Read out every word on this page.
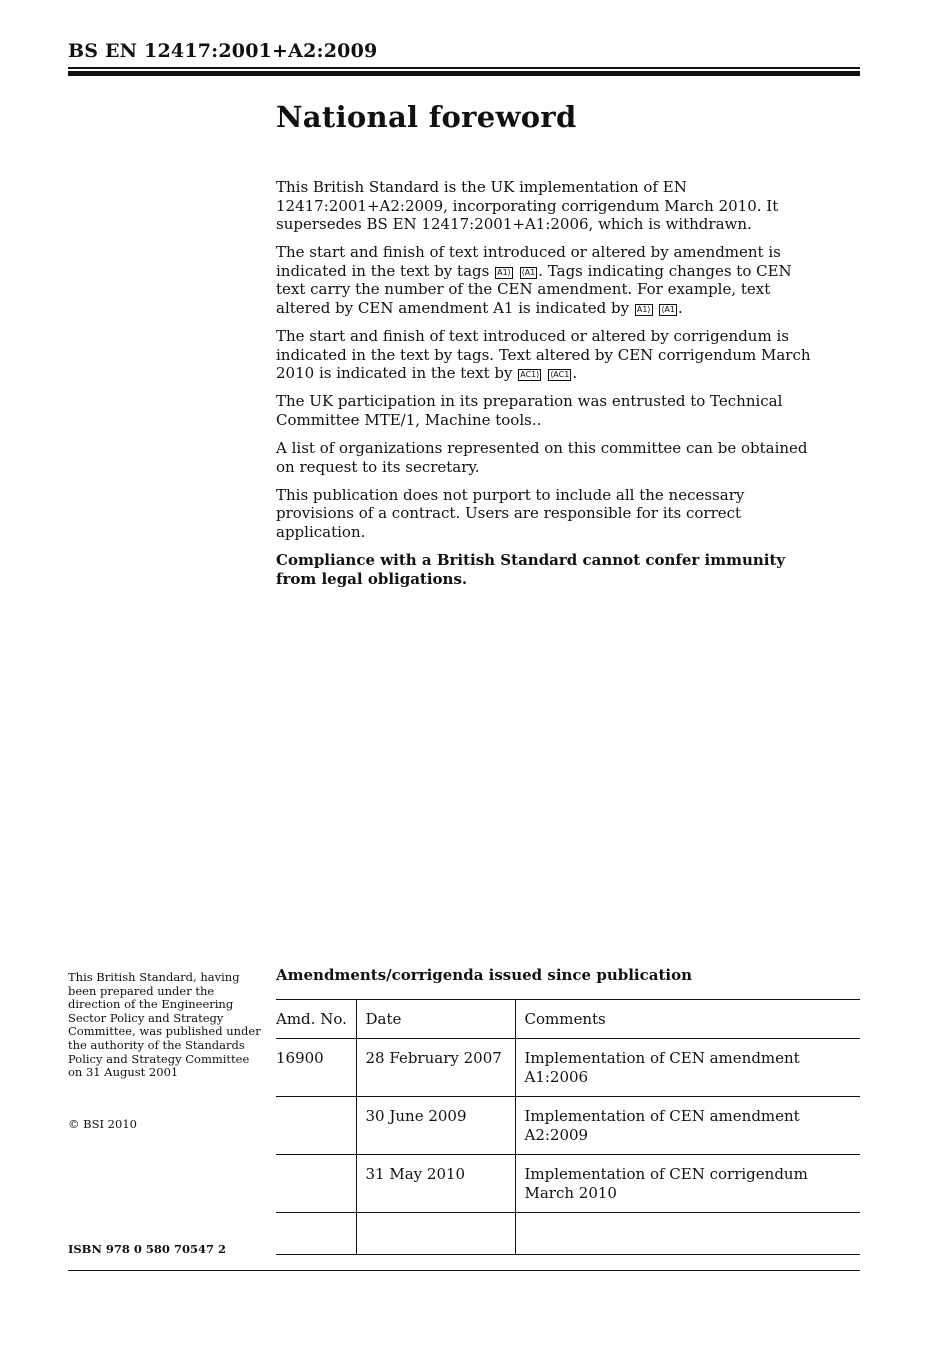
BS EN 12417:2001+A2:2009
National foreword

This British Standard is the UK implementation of EN 12417:2001+A2:2009, incorporating corrigendum March 2010. It supersedes BS EN 12417:2001+A1:2006, which is withdrawn.

The start and finish of text introduced or altered by amendment is indicated in the text by tags A1⟩ ⟨A1 . Tags indicating changes to CEN text carry the number of the CEN amendment. For example, text altered by CEN amendment A1 is indicated by A1⟩ ⟨A1 .

The start and finish of text introduced or altered by corrigendum is indicated in the text by tags. Text altered by CEN corrigendum March 2010 is indicated in the text by AC1⟩ ⟨AC1 .

The UK participation in its preparation was entrusted to Technical Committee MTE/1, Machine tools..

A list of organizations represented on this committee can be obtained on request to its secretary.

This publication does not purport to include all the necessary provisions of a contract. Users are responsible for its correct application.

Compliance with a British Standard cannot confer immunity from legal obligations.

This British Standard, having been prepared under the direction of the Engineering Sector Policy and Strategy Committee, was published under the authority of the Standards Policy and Strategy Committee on 31 August 2001
© BSI 2010
ISBN 978 0 580 70547 2
Amendments/corrigenda issued since publication
Amd. No.	Date	Comments
16900	28 February 2007	Implementation of CEN amendment A1:2006
	30 June 2009	Implementation of CEN amendment A2:2009
	31 May 2010	Implementation of CEN corrigendum March 2010
